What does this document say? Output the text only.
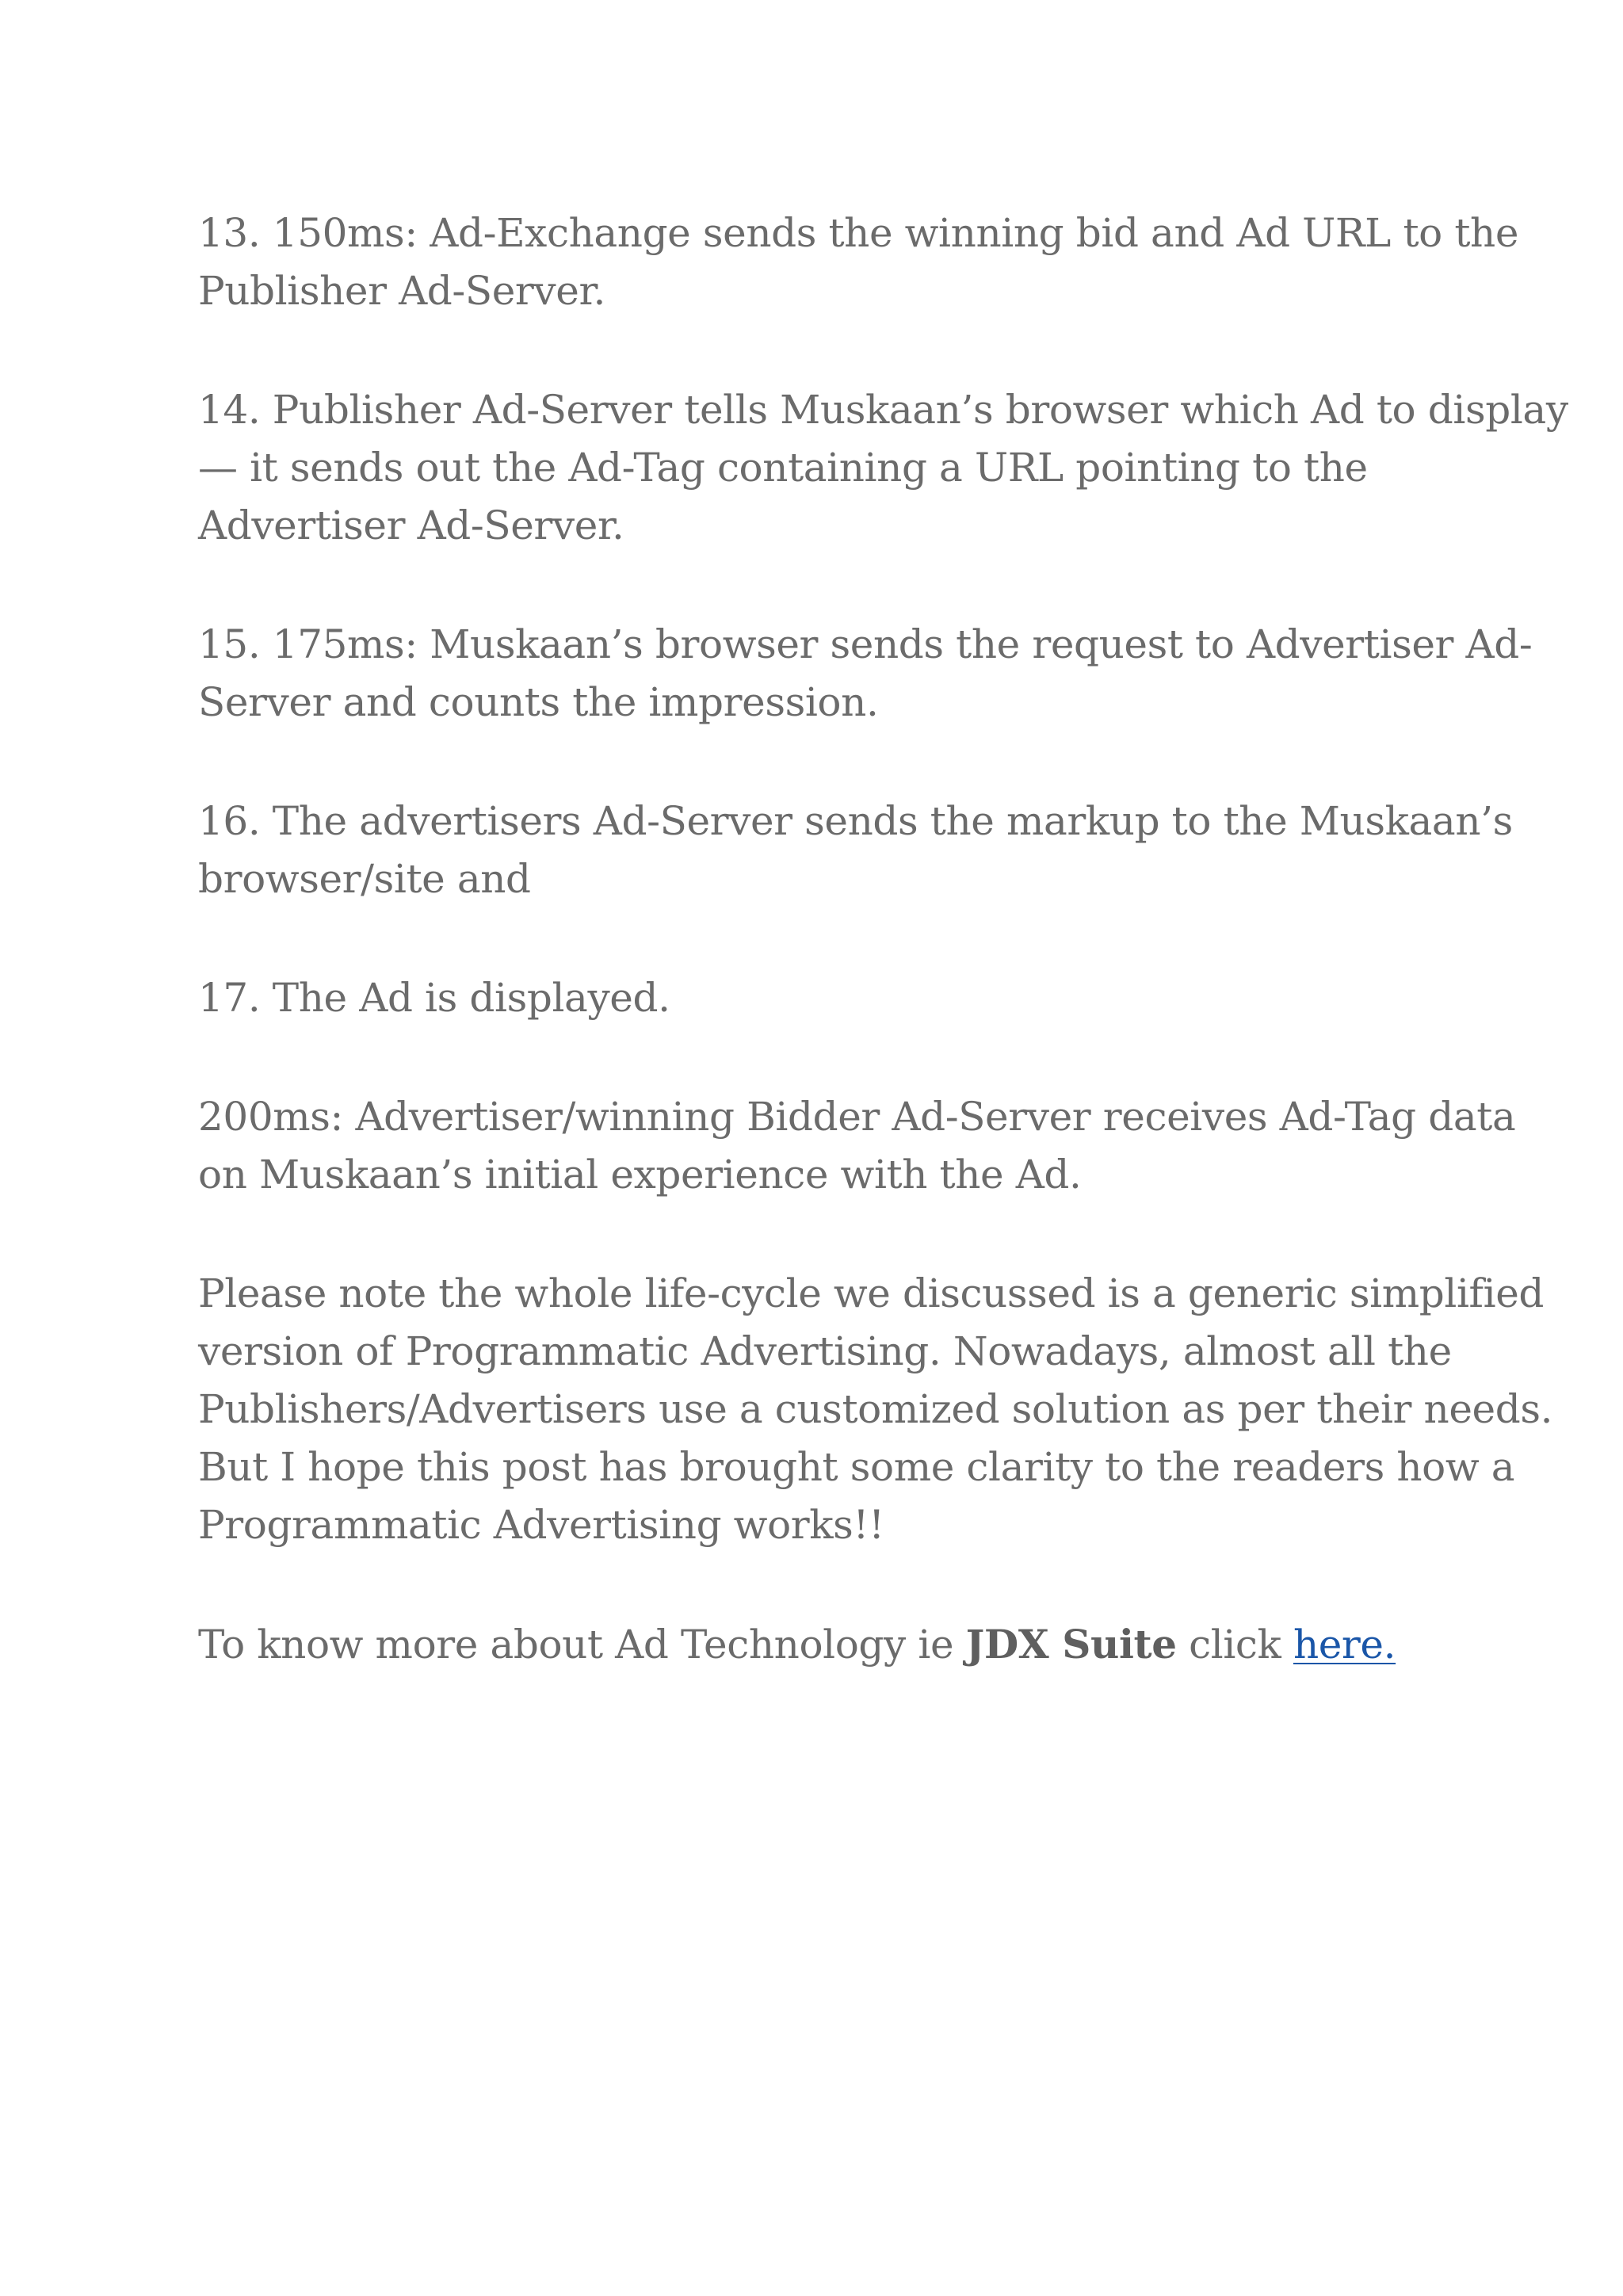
13. 150ms: Ad-Exchange sends the winning bid and Ad URL to the
Publisher Ad-Server.

14. Publisher Ad-Server tells Muskaan’s browser which Ad to display
— it sends out the Ad-Tag containing a URL pointing to the
Advertiser Ad-Server.

15. 175ms: Muskaan’s browser sends the request to Advertiser Ad-
Server and counts the impression.

16. The advertisers Ad-Server sends the markup to the Muskaan’s
browser/site and

17. The Ad is displayed.

200ms: Advertiser/winning Bidder Ad-Server receives Ad-Tag data
on Muskaan’s initial experience with the Ad.

Please note the whole life-cycle we discussed is a generic simplified
version of Programmatic Advertising. Nowadays, almost all the
Publishers/Advertisers use a customized solution as per their needs.
But I hope this post has brought some clarity to the readers how a
Programmatic Advertising works!!

To know more about Ad Technology ie JDX Suite click here.
